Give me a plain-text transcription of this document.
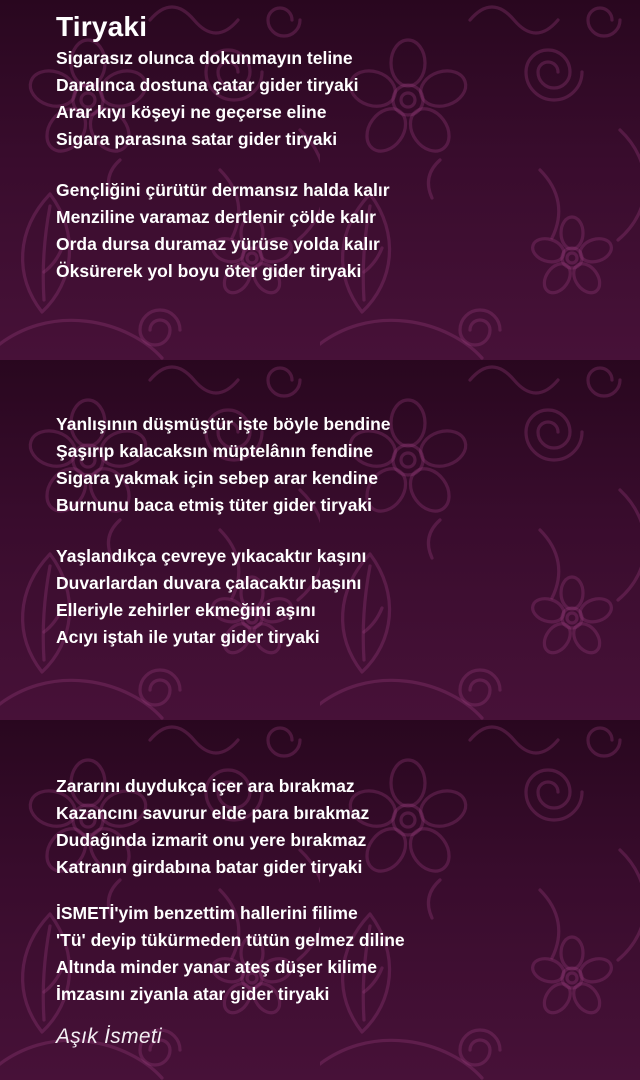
Tiryaki
Sigarasız olunca dokunmayın teline
Daralınca dostuna çatar gider tiryaki
Arar kıyı köşeyi ne geçerse eline
Sigara parasına satar gider tiryaki
Gençliğini çürütür dermansız halda kalır
Menziline varamaz dertlenir çölde kalır
Orda dursa duramaz yürüse yolda kalır
Öksürerek yol boyu öter gider tiryaki
Yanlışının düşmüştür işte böyle bendine
Şaşırıp kalacaksın müptelânın fendine
Sigara yakmak için sebep arar kendine
Burnunu baca etmiş tüter gider tiryaki
Yaşlandıkça çevreye yıkacaktır kaşını
Duvarlardan duvara çalacaktır başını
Elleriyle zehirler ekmeğini aşını
Acıyı iştah ile yutar gider tiryaki
Zararını duydukça içer ara bırakmaz
Kazancını savurur elde para bırakmaz
Dudağında izmarit onu yere bırakmaz
Katranın girdabına batar gider tiryaki
İSMETİ'yim benzettim hallerini filime
'Tü' deyip tükürmeden tütün gelmez diline
Altında minder yanar ateş düşer kilime
İmzasını ziyanla atar gider tiryaki
Aşık İsmeti
